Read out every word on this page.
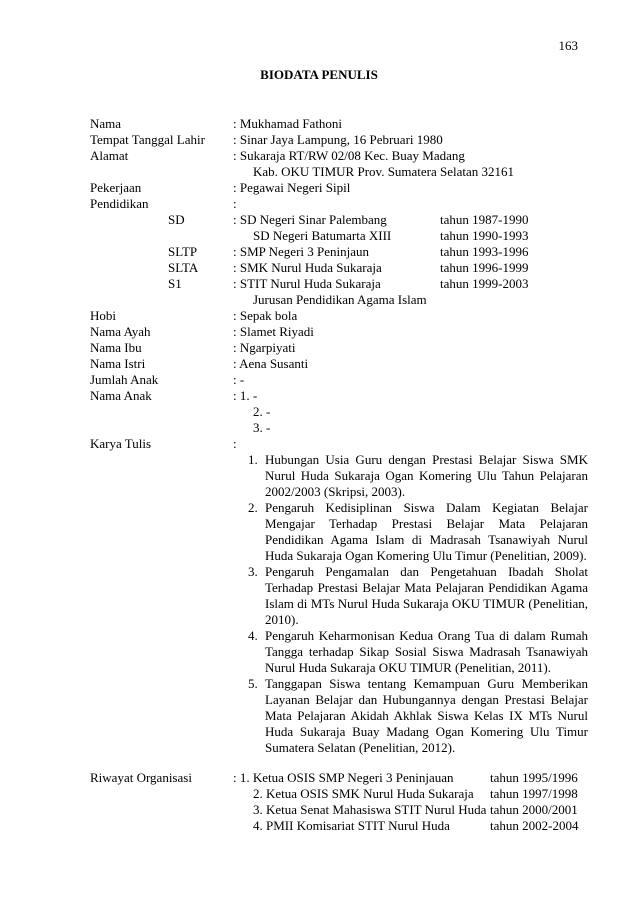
163
BIODATA PENULIS
Nama	: Mukhamad Fathoni
Tempat Tanggal Lahir : Sinar Jaya Lampung, 16 Pebruari 1980
Alamat	: Sukaraja RT/RW 02/08 Kec. Buay Madang
Kab. OKU TIMUR Prov. Sumatera Selatan 32161
Pekerjaan	: Pegawai Negeri Sipil
Pendidikan	:
SD	: SD Negeri Sinar Palembang	tahun 1987-1990
SD Negeri Batumarta XIII	tahun 1990-1993
SLTP	: SMP Negeri 3 Peninjaun	tahun 1993-1996
SLTA	: SMK Nurul Huda Sukaraja	tahun 1996-1999
S1	: STIT Nurul Huda Sukaraja	tahun 1999-2003
Jurusan Pendidikan Agama Islam
Hobi	: Sepak bola
Nama Ayah	: Slamet Riyadi
Nama Ibu	: Ngarpiyati
Nama Istri	: Aena Susanti
Jumlah Anak	: -
Nama Anak	: 1. -
2. -
3. -
Karya Tulis	:
1. Hubungan Usia Guru dengan Prestasi Belajar Siswa SMK Nurul Huda Sukaraja Ogan Komering Ulu Tahun Pelajaran 2002/2003 (Skripsi, 2003).
2. Pengaruh Kedisiplinan Siswa Dalam Kegiatan Belajar Mengajar Terhadap Prestasi Belajar Mata Pelajaran Pendidikan Agama Islam di Madrasah Tsanawiyah Nurul Huda Sukaraja Ogan Komering Ulu Timur (Penelitian, 2009).
3. Pengaruh Pengamalan dan Pengetahuan Ibadah Sholat Terhadap Prestasi Belajar Mata Pelajaran Pendidikan Agama Islam di MTs Nurul Huda Sukaraja OKU TIMUR (Penelitian, 2010).
4. Pengaruh Keharmonisan Kedua Orang Tua di dalam Rumah Tangga terhadap Sikap Sosial Siswa Madrasah Tsanawiyah Nurul Huda Sukaraja OKU TIMUR (Penelitian, 2011).
5. Tanggapan Siswa tentang Kemampuan Guru Memberikan Layanan Belajar dan Hubungannya dengan Prestasi Belajar Mata Pelajaran Akidah Akhlak Siswa Kelas IX MTs Nurul Huda Sukaraja Buay Madang Ogan Komering Ulu Timur Sumatera Selatan (Penelitian, 2012).
Riwayat Organisasi	: 1. Ketua OSIS SMP Negeri 3 Peninjauan	tahun 1995/1996
2. Ketua OSIS SMK Nurul Huda Sukaraja tahun 1997/1998
3. Ketua Senat Mahasiswa STIT Nurul Huda tahun 2000/2001
4. PMII Komisariat STIT Nurul Huda	tahun 2002-2004
